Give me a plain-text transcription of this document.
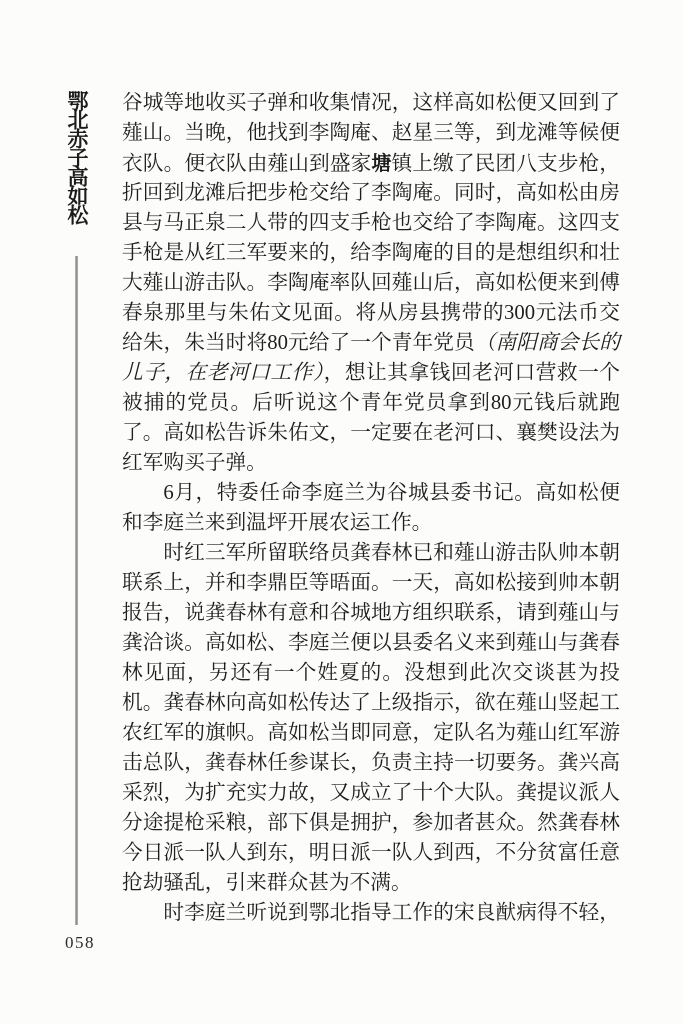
鄂北赤子高如松
058
谷城等地收买子弹和收集情况，这样高如松便又回到了
薤山。当晚，他找到李陶庵、赵星三等，到龙滩等候便
衣队。便衣队由薤山到盛家塘镇上缴了民团八支步枪，
折回到龙滩后把步枪交给了李陶庵。同时，高如松由房
县与马正泉二人带的四支手枪也交给了李陶庵。这四支
手枪是从红三军要来的，给李陶庵的目的是想组织和壮
大薤山游击队。李陶庵率队回薤山后，高如松便来到傅
春泉那里与朱佑文见面。将从房县携带的300元法币交
给朱，朱当时将80元给了一个青年党员（南阳商会长的
儿子，在老河口工作），想让其拿钱回老河口营救一个
被捕的党员。后听说这个青年党员拿到80元钱后就跑
了。高如松告诉朱佑文，一定要在老河口、襄樊设法为
红军购买子弹。
6月，特委任命李庭兰为谷城县委书记。高如松便
和李庭兰来到温坪开展农运工作。
时红三军所留联络员龚春林已和薤山游击队帅本朝
联系上，并和李鼎臣等晤面。一天，高如松接到帅本朝
报告，说龚春林有意和谷城地方组织联系，请到薤山与
龚洽谈。高如松、李庭兰便以县委名义来到薤山与龚春
林见面，另还有一个姓夏的。没想到此次交谈甚为投
机。龚春林向高如松传达了上级指示，欲在薤山竖起工
农红军的旗帜。高如松当即同意，定队名为薤山红军游
击总队，龚春林任参谋长，负责主持一切要务。龚兴高
采烈，为扩充实力故，又成立了十个大队。龚提议派人
分途提枪采粮，部下俱是拥护，参加者甚众。然龚春林
今日派一队人到东，明日派一队人到西，不分贫富任意
抢劫骚乱，引来群众甚为不满。
时李庭兰听说到鄂北指导工作的宋良猷病得不轻，
